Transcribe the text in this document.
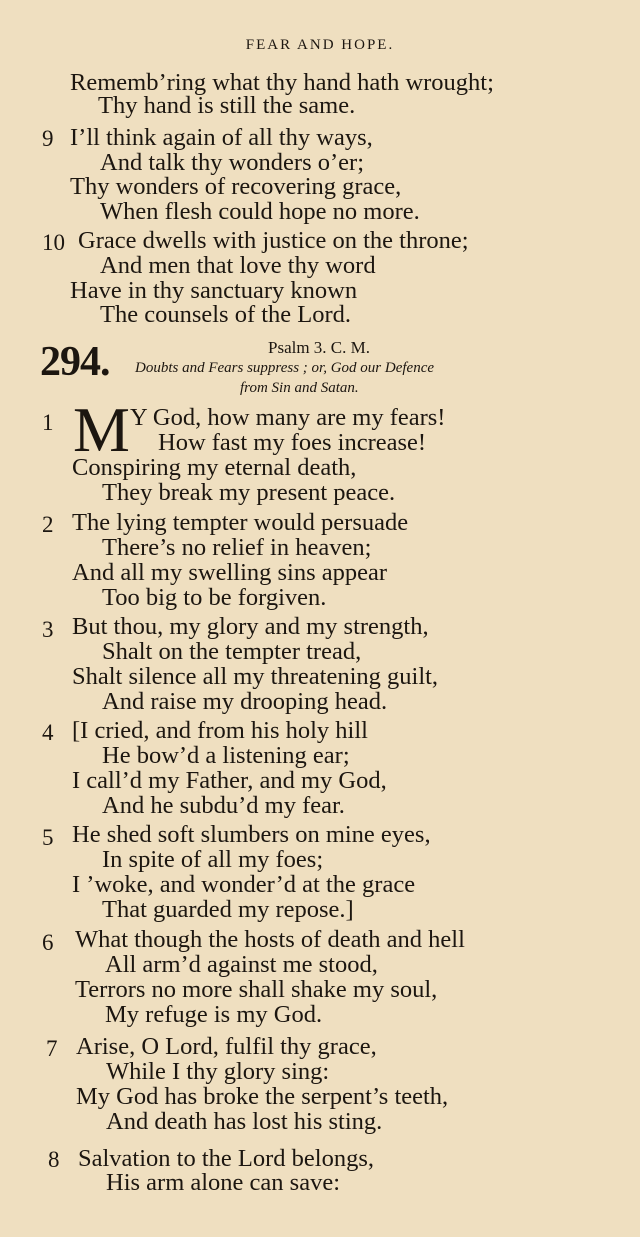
FEAR AND HOPE.
Rememb’ring what thy hand hath wrought;
Thy hand is still the same.
9 I’ll think again of all thy ways,
And talk thy wonders o’er;
Thy wonders of recovering grace,
When flesh could hope no more.
10 Grace dwells with justice on the throne;
And men that love thy word
Have in thy sanctuary known
The counsels of the Lord.
294.	Psalm 3. C. M.
Doubts and Fears suppress ; or, God our Defence
from Sin and Satan.
1 M Y God, how many are my fears!
How fast my foes increase!
Conspiring my eternal death,
They break my present peace.
2 The lying tempter would persuade
There’s no relief in heaven;
And all my swelling sins appear
Too big to be forgiven.
3 But thou, my glory and my strength,
Shalt on the tempter tread,
Shalt silence all my threatening guilt,
And raise my drooping head.
4 [I cried, and from his holy hill
He bow’d a listening ear;
I call’d my Father, and my God,
And he subdu’d my fear.
5 He shed soft slumbers on mine eyes,
In spite of all my foes;
I ’woke, and wonder’d at the grace
That guarded my repose.]
6 What though the hosts of death and hell
All arm’d against me stood,
Terrors no more shall shake my soul,
My refuge is my God.
7 Arise, O Lord, fulfil thy grace,
While I thy glory sing:
My God has broke the serpent’s teeth,
And death has lost his sting.
8 Salvation to the Lord belongs,
His arm alone can save:
